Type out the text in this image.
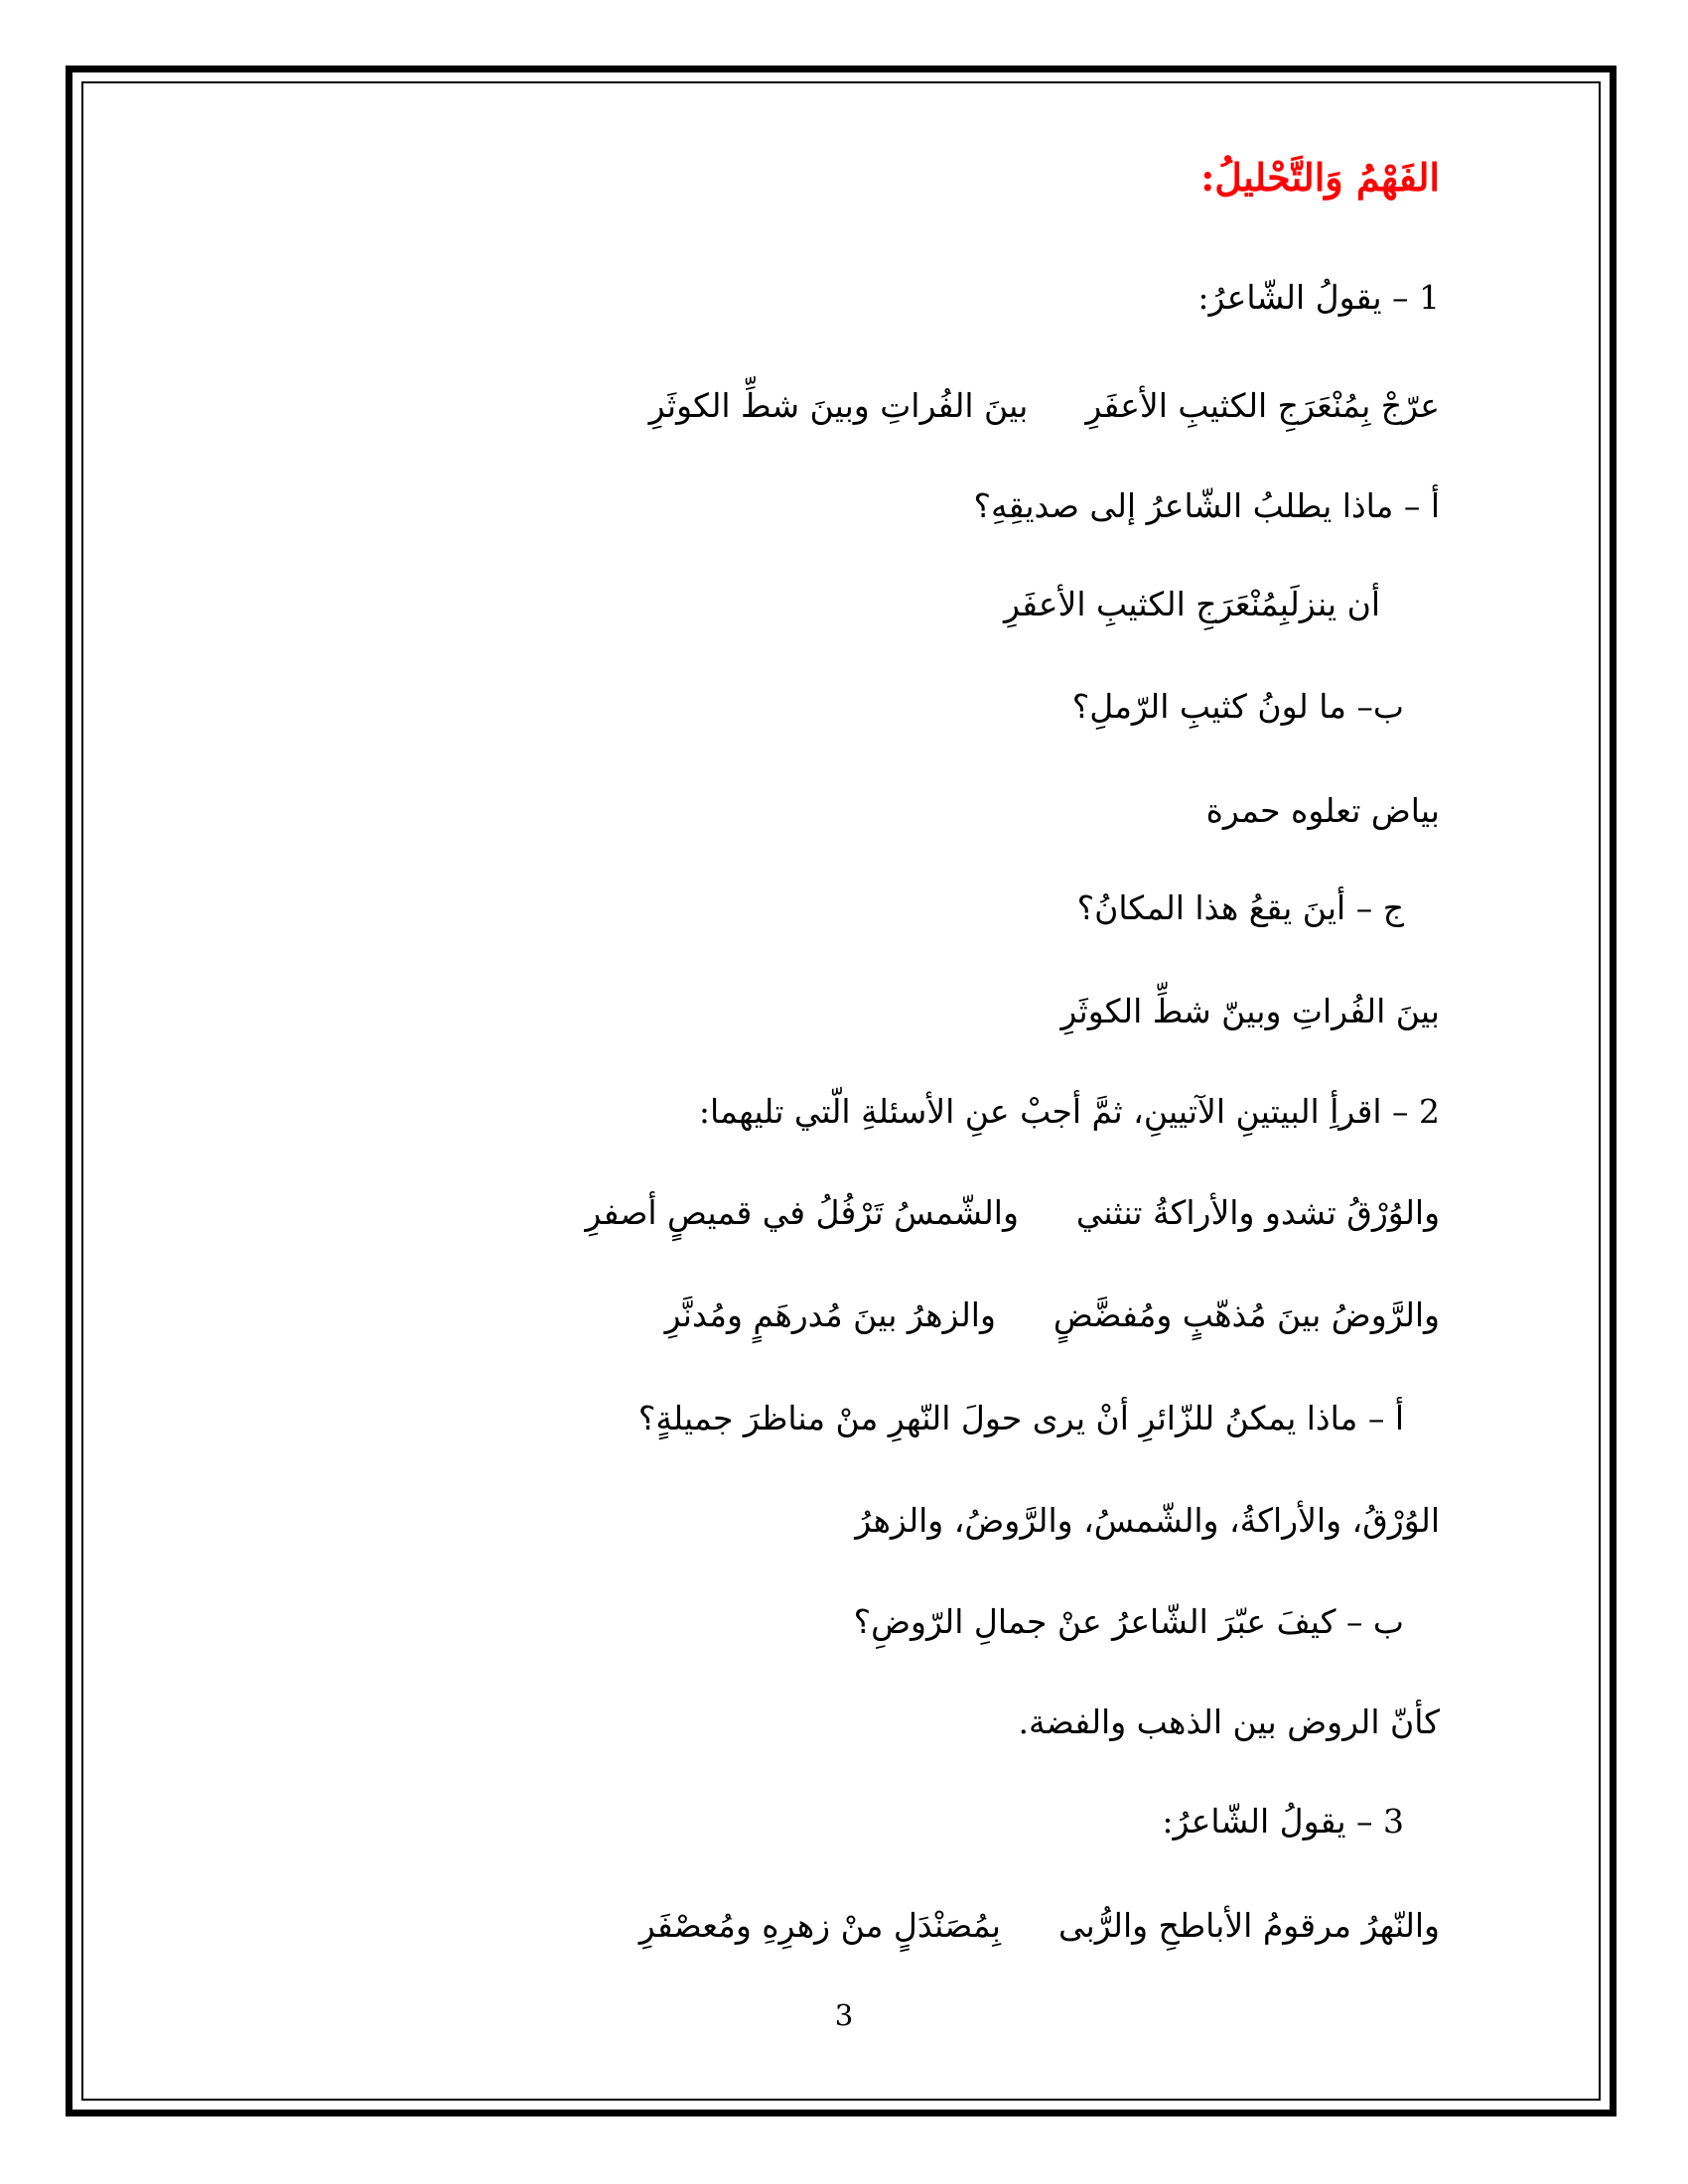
الفَهْمُ وَالتَّحْليلُ:
1 – يقولُ الشّاعرُ:
عرّجْ بِمُنْعَرَجِ الكثيبِ الأعفَرِ
بينَ الفُراتِ وبينَ شطِّ الكوثَرِ
أ – ماذا يطلبُ الشّاعرُ إلى صديقِهِ؟
أن ينزلَبِمُنْعَرَجِ الكثيبِ الأعفَرِ
ب– ما لونُ كثيبِ الرّملِ؟
بياض تعلوه حمرة
ج – أينَ يقعُ هذا المكانُ؟
بينَ الفُراتِ وبينّ شطِّ الكوثَرِ
2 – اقرأِ البيتينِ الآتيينِ، ثمَّ أجبْ عنِ الأسئلةِ الّتي تليهما:
والوُرْقُ تشدو والأراكةُ تنثني
والشّمسُ تَرْفُلُ في قميصٍ أصفرِ
والرَّوضُ بينَ مُذهّبٍ ومُفضَّضٍ
والزهرُ بينَ مُدرهَمٍ ومُدنَّرِ
أ – ماذا يمكنُ للزّائرِ أنْ يرى حولَ النّهرِ منْ مناظرَ جميلةٍ؟
الوُرْقُ، والأراكةُ، والشّمسُ، والرَّوضُ، والزهرُ
ب – كيفَ عبّرَ الشّاعرُ عنْ جمالِ الرّوضِ؟
كأنّ الروض بين الذهب والفضة.
3 – يقولُ الشّاعرُ:
والنّهرُ مرقومُ الأباطحِ والرُّبى
بِمُصَنْدَلٍ منْ زهرِهِ ومُعصْفَرِ
3
